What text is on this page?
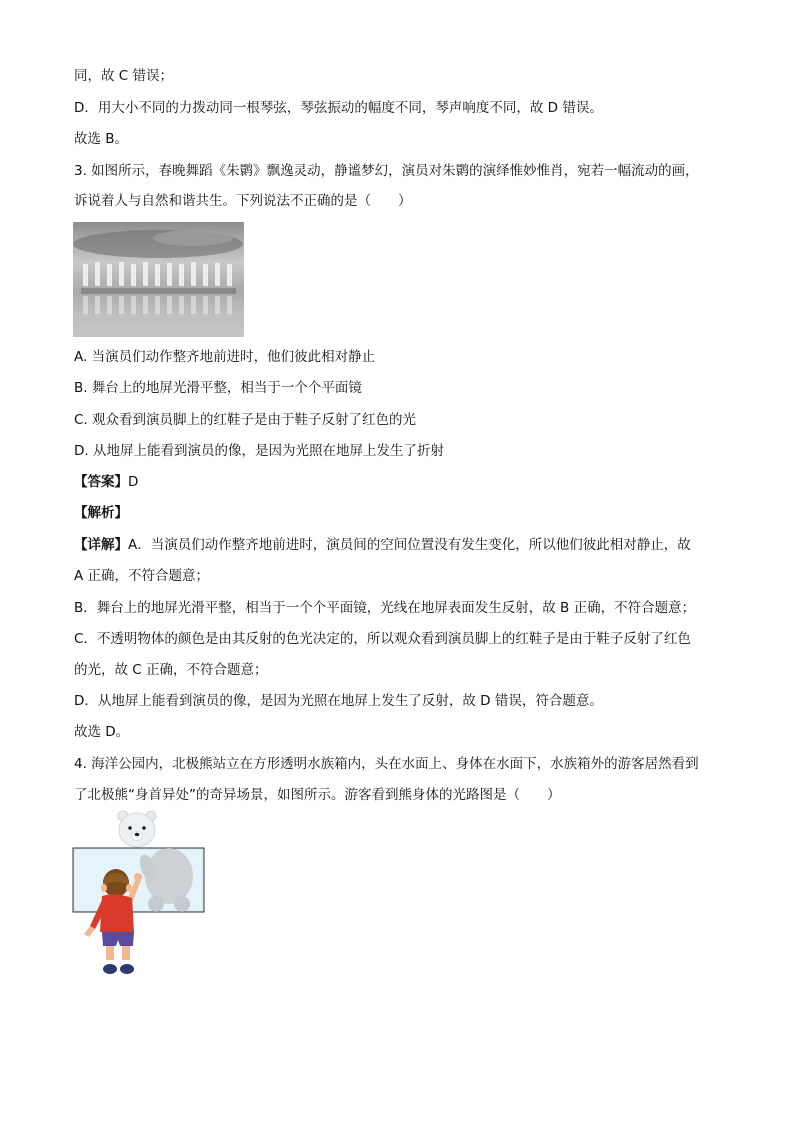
同，故 C 错误；
D．用大小不同的力拨动同一根琴弦，琴弦振动的幅度不同，琴声响度不同，故 D 错误。
故选 B。
3. 如图所示，春晚舞蹈《朱鹮》飘逸灵动，静谧梦幻，演员对朱鹮的演绎惟妙惟肖，宛若一幅流动的画，
诉说着人与自然和谐共生。下列说法不正确的是（　　）
A. 当演员们动作整齐地前进时，他们彼此相对静止
B. 舞台上的地屏光滑平整，相当于一个个平面镜
C. 观众看到演员脚上的红鞋子是由于鞋子反射了红色的光
D. 从地屏上能看到演员的像，是因为光照在地屏上发生了折射
【答案】D
【解析】
【详解】A．当演员们动作整齐地前进时，演员间的空间位置没有发生变化，所以他们彼此相对静止，故
A 正确，不符合题意；
B．舞台上的地屏光滑平整，相当于一个个平面镜，光线在地屏表面发生反射，故 B 正确，不符合题意；
C．不透明物体的颜色是由其反射的色光决定的，所以观众看到演员脚上的红鞋子是由于鞋子反射了红色
的光，故 C 正确，不符合题意；
D．从地屏上能看到演员的像，是因为光照在地屏上发生了反射，故 D 错误，符合题意。
故选 D。
4. 海洋公园内，北极熊站立在方形透明水族箱内，头在水面上、身体在水面下，水族箱外的游客居然看到
了北极熊“身首异处”的奇异场景，如图所示。游客看到熊身体的光路图是（　　）
